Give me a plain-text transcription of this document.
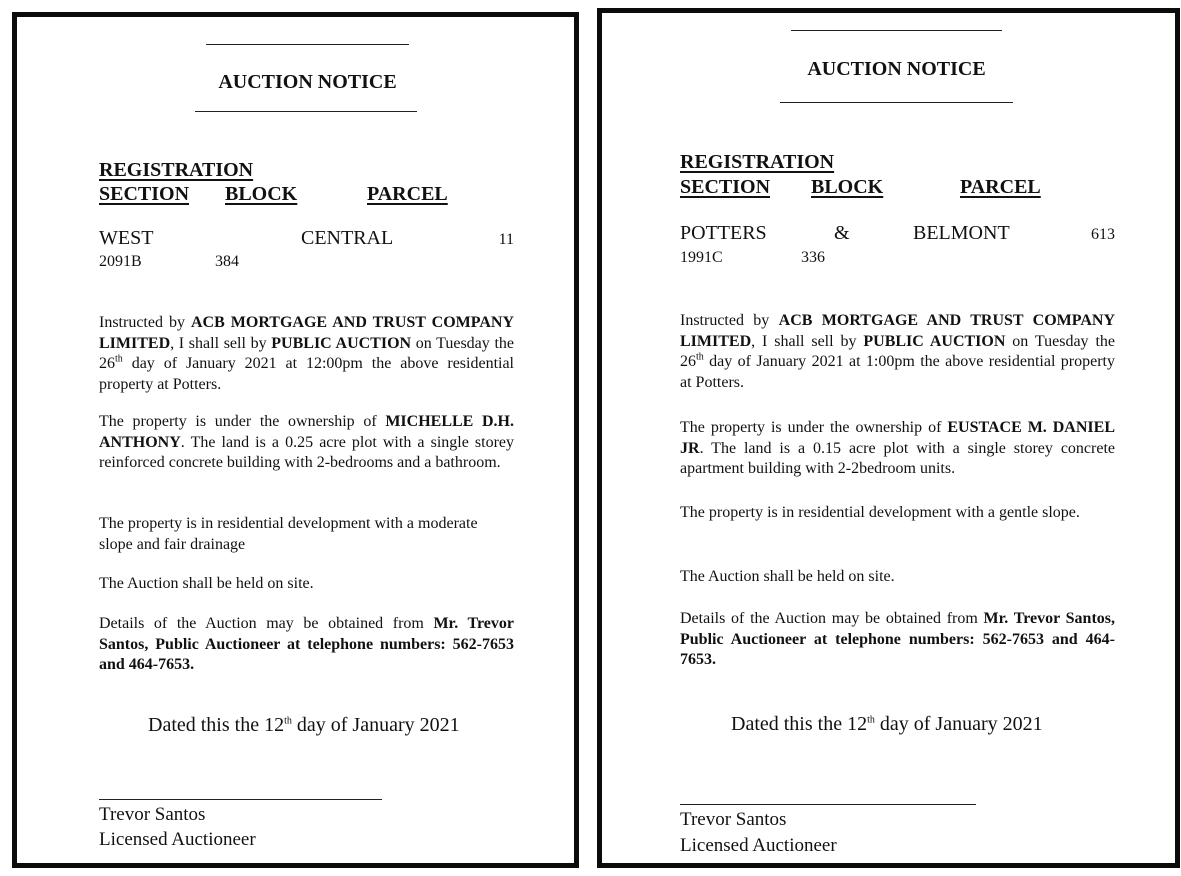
AUCTION NOTICE
REGISTRATION
SECTION BLOCK	PARCEL
WEST	CENTRAL	11
2091B	384
Instructed by ACB MORTGAGE AND TRUST COMPANY LIMITED, I shall sell by PUBLIC AUCTION on Tuesday the 26th day of January 2021 at 12:00pm the above residential property at Potters.
The property is under the ownership of MICHELLE D.H. ANTHONY. The land is a 0.25 acre plot with a single storey reinforced concrete building with 2-bedrooms and a bathroom.
The property is in residential development with a moderate slope and fair drainage
The Auction shall be held on site.
Details of the Auction may be obtained from Mr. Trevor Santos, Public Auctioneer at telephone numbers: 562-7653 and 464-7653.
Dated this the 12th day of January 2021
Trevor Santos
Licensed Auctioneer
AUCTION NOTICE
REGISTRATION
SECTION BLOCK	PARCEL
POTTERS	&	BELMONT	613
1991C	336
Instructed by ACB MORTGAGE AND TRUST COMPANY LIMITED, I shall sell by PUBLIC AUCTION on Tuesday the 26th day of January 2021 at 1:00pm the above residential property at Potters.
The property is under the ownership of EUSTACE M. DANIEL JR. The land is a 0.15 acre plot with a single storey concrete apartment building with 2-2bedroom units.
The property is in residential development with a gentle slope.
The Auction shall be held on site.
Details of the Auction may be obtained from Mr. Trevor Santos, Public Auctioneer at telephone numbers: 562-7653 and 464-7653.
Dated this the 12th day of January 2021
Trevor Santos
Licensed Auctioneer
